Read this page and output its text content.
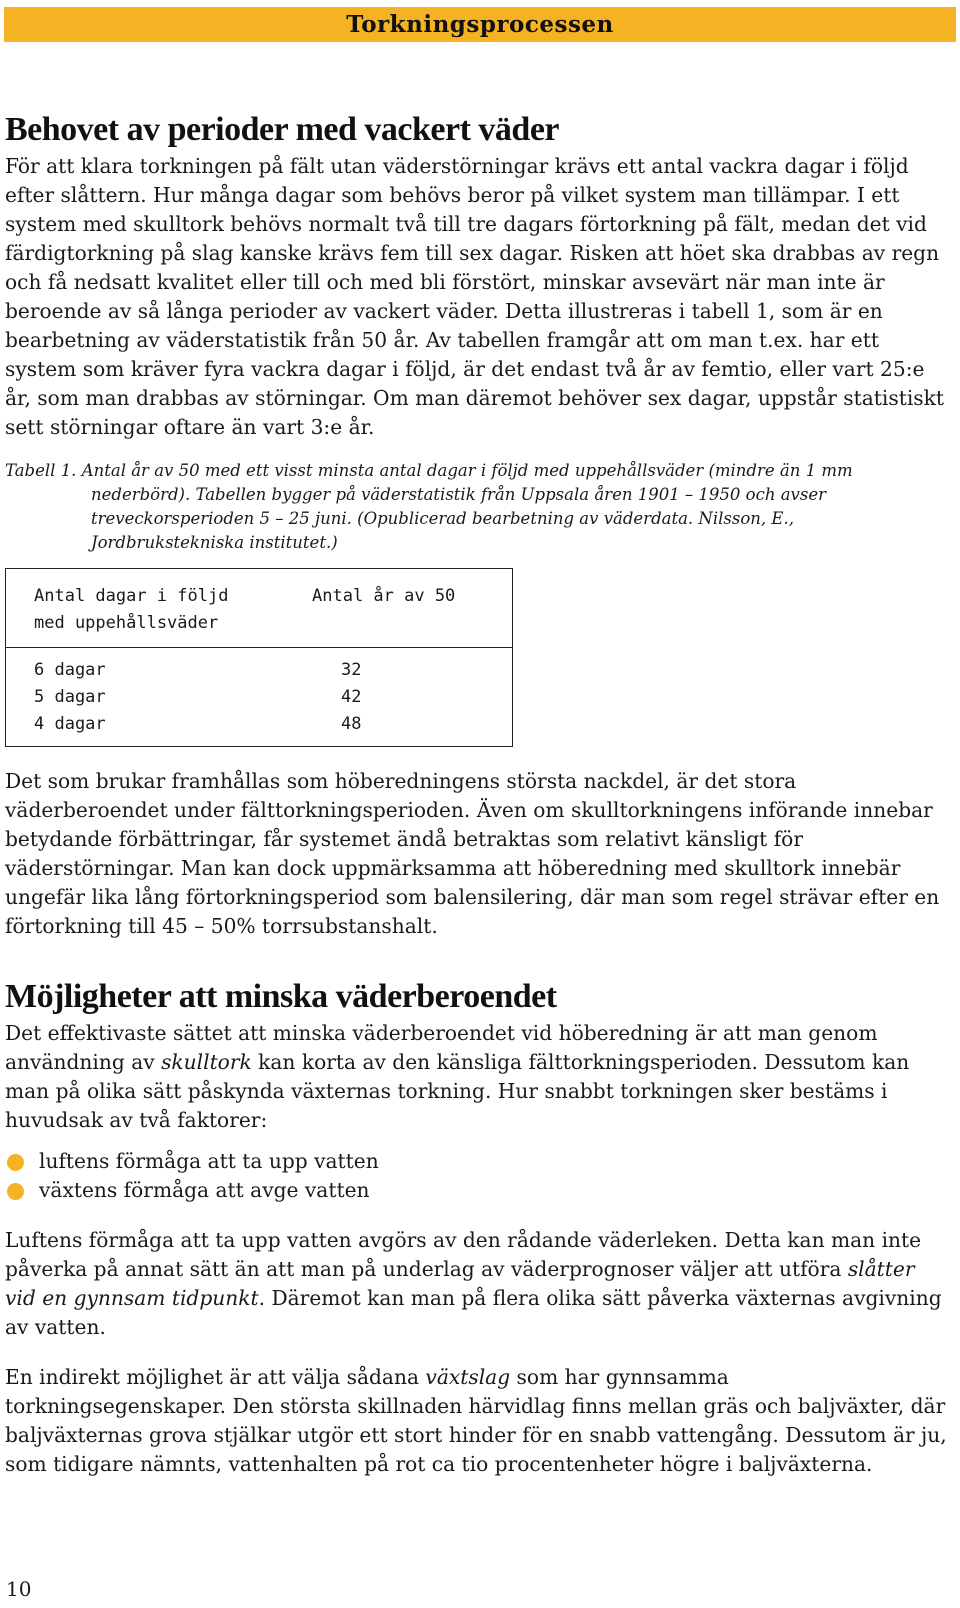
Torkningsprocessen
Behovet av perioder med vackert väder

För att klara torkningen på fält utan väderstörningar krävs ett antal vackra dagar i följd efter slåttern. Hur många dagar som behövs beror på vilket system man tillämpar. I ett system med skulltork behövs normalt två till tre dagars förtorkning på fält, medan det vid färdigtorkning på slag kanske krävs fem till sex dagar. Risken att höet ska drabbas av regn och få nedsatt kvalitet eller till och med bli förstört, minskar avsevärt när man inte är beroende av så långa perioder av vackert väder. Detta illustreras i tabell 1, som är en bearbetning av väderstatistik från 50 år. Av tabellen framgår att om man t.ex. har ett system som kräver fyra vackra dagar i följd, är det endast två år av femtio, eller vart 25:e år, som man drabbas av störningar. Om man däremot behöver sex dagar, uppstår statistiskt sett störningar oftare än vart 3:e år.

Tabell 1. Antal år av 50 med ett visst minsta antal dagar i följd med uppehållsväder (mindre än 1 mm nederbörd). Tabellen bygger på väderstatistik från Uppsala åren 1901 – 1950 och avser treveckorsperioden 5 – 25 juni. (Opublicerad bearbetning av väderdata. Nilsson, E., Jordbrukstekniska institutet.)
Antal dagar i följd
med uppehållsväder	Antal år av 50
6 dagar	32
5 dagar	42
4 dagar	48

Det som brukar framhållas som höberedningens största nackdel, är det stora väderberoendet under fälttorkningsperioden. Även om skulltorkningens införande innebar betydande förbättringar, får systemet ändå betraktas som relativt känsligt för väderstörningar. Man kan dock uppmärksamma att höberedning med skulltork innebär ungefär lika lång förtorkningsperiod som balensilering, där man som regel strävar efter en förtorkning till 45 – 50% torrsubstanshalt.

Möjligheter att minska väderberoendet

Det effektivaste sättet att minska väderberoendet vid höberedning är att man genom användning av skulltork kan korta av den känsliga fälttorkningsperioden. Dessutom kan man på olika sätt påskynda växternas torkning. Hur snabbt torkningen sker bestäms i huvudsak av två faktorer:

luftens förmåga att ta upp vatten
växtens förmåga att avge vatten

Luftens förmåga att ta upp vatten avgörs av den rådande väderleken. Detta kan man inte påverka på annat sätt än att man på underlag av väderprognoser väljer att utföra slåtter vid en gynnsam tidpunkt. Däremot kan man på flera olika sätt påverka växternas avgivning av vatten.

En indirekt möjlighet är att välja sådana växtslag som har gynnsamma torkningsegenskaper. Den största skillnaden härvidlag finns mellan gräs och baljväxter, där baljväxternas grova stjälkar utgör ett stort hinder för en snabb vattengång. Dessutom är ju, som tidigare nämnts, vattenhalten på rot ca tio procentenheter högre i baljväxterna.

10
